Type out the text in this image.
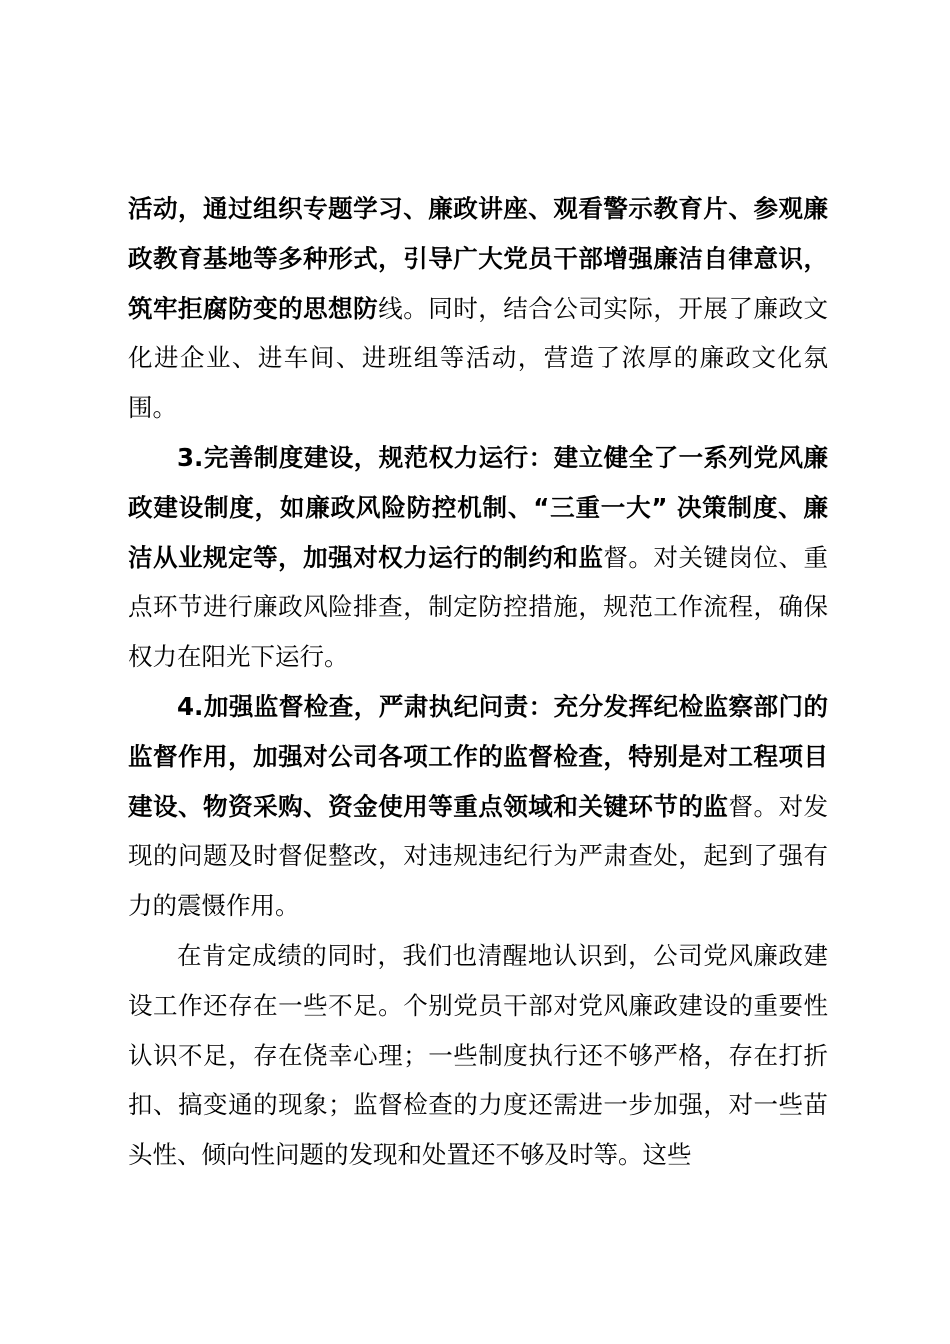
活动，通过组织专题学习、廉政讲座、观看警示教育片、参观廉政教育基地等多种形式，引导广大党员干部增强廉洁自律意识，筑牢拒腐防变的思想防线。同时，结合公司实际，开展了廉政文化进企业、进车间、进班组等活动，营造了浓厚的廉政文化氛围。

3.完善制度建设，规范权力运行：建立健全了一系列党风廉政建设制度，如廉政风险防控机制、“三重一大” 决策制度、廉洁从业规定等，加强对权力运行的制约和监督。对关键岗位、重点环节进行廉政风险排查，制定防控措施，规范工作流程，确保权力在阳光下运行。

4.加强监督检查，严肃执纪问责：充分发挥纪检监察部门的监督作用，加强对公司各项工作的监督检查，特别是对工程项目建设、物资采购、资金使用等重点领域和关键环节的监督。对发现的问题及时督促整改，对违规违纪行为严肃查处，起到了强有力的震慑作用。

在肯定成绩的同时，我们也清醒地认识到，公司党风廉政建设工作还存在一些不足。个别党员干部对党风廉政建设的重要性认识不足，存在侥幸心理；一些制度执行还不够严格，存在打折扣、搞变通的现象；监督检查的力度还需进一步加强，对一些苗头性、倾向性问题的发现和处置还不够及时等。这些
